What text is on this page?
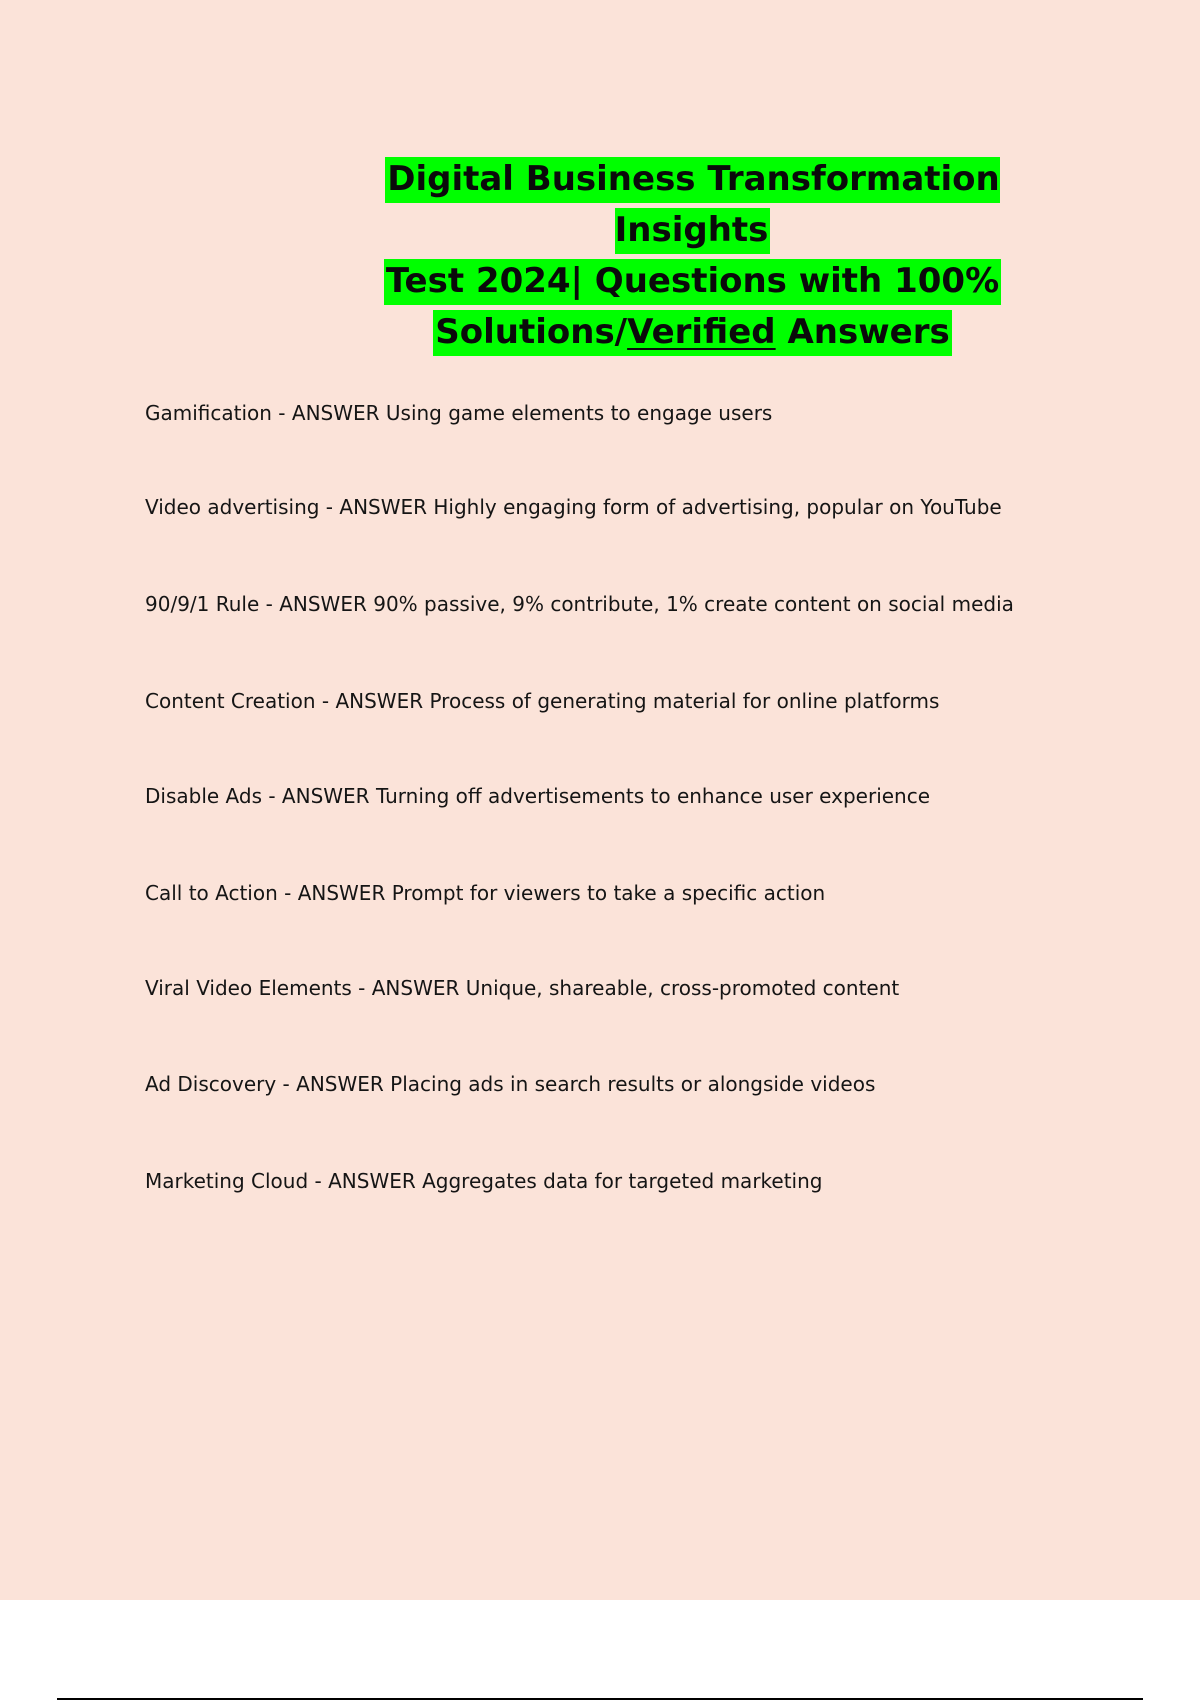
Digital Business Transformation Insights
Test 2024| Questions with 100%
Solutions/Verified Answers
Gamification - ANSWER Using game elements to engage users
Video advertising - ANSWER Highly engaging form of advertising, popular on YouTube
90/9/1 Rule - ANSWER 90% passive, 9% contribute, 1% create content on social media
Content Creation - ANSWER Process of generating material for online platforms
Disable Ads - ANSWER Turning off advertisements to enhance user experience
Call to Action - ANSWER Prompt for viewers to take a specific action
Viral Video Elements - ANSWER Unique, shareable, cross-promoted content
Ad Discovery - ANSWER Placing ads in search results or alongside videos
Marketing Cloud - ANSWER Aggregates data for targeted marketing
